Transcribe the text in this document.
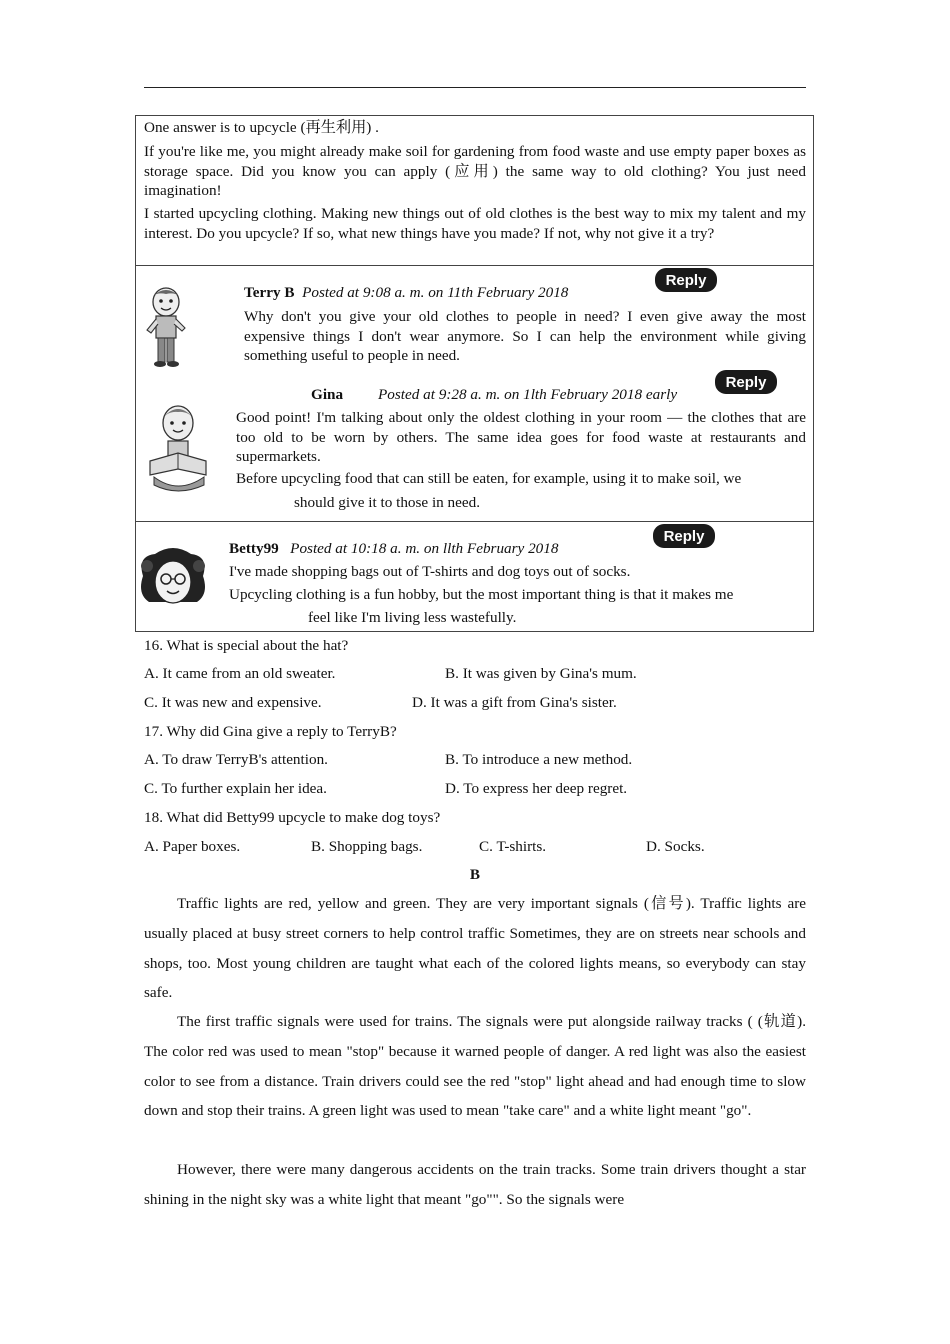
One answer is to upcycle (再生利用) .

If you're like me, you might already make soil for gardening from food waste and use empty paper boxes as storage space. Did you know you can apply (应用) the same way to old clothing? You just need imagination!

I started upcycling clothing. Making new things out of old clothes is the best way to mix my talent and my interest. Do you upcycle? If so, what new things have you made? If not, why not give it a try?

Terry B Posted at 9:08 a. m. on 11th February 2018
Reply

Why don't you give your old clothes to people in need? I even give away the most expensive things I don't wear anymore. So I can help the environment while giving something useful to people in need.

Gina Posted at 9:28 a. m. on 1lth February 2018 early
Reply

Good point! I'm talking about only the oldest clothing in your room — the clothes that are too old to be worn by others. The same idea goes for food waste at restaurants and supermarkets.

Before upcycling food that can still be eaten, for example, using it to make soil, we
should give it to those in need.
Betty99 Posted at 10:18 a. m. on llth February 2018
Reply
I've made shopping bags out of T-shirts and dog toys out of socks.
Upcycling clothing is a fun hobby, but the most important thing is that it makes me
feel like I'm living less wastefully.
16. What is special about the hat?
A. It came from an old sweater.	B. It was given by Gina's mum.
C. It was new and expensive.	D. It was a gift from Gina's sister.
17. Why did Gina give a reply to TerryB?
A. To draw TerryB's attention.	B. To introduce a new method.
C. To further explain her idea.	D. To express her deep regret.
18. What did Betty99 upcycle to make dog toys?
A. Paper boxes.	B. Shopping bags.	C. T-shirts.	D. Socks.
B

Traffic lights are red, yellow and green. They are very important signals (信号). Traffic lights are usually placed at busy street corners to help control traffic Sometimes, they are on streets near schools and shops, too. Most young children are taught what each of the colored lights means, so everybody can stay safe.

The first traffic signals were used for trains. The signals were put alongside railway tracks ( (轨道). The color red was used to mean "stop" because it warned people of danger. A red light was also the easiest color to see from a distance. Train drivers could see the red "stop" light ahead and had enough time to slow down and stop their trains. A green light was used to mean "take care" and a white light meant "go".

However, there were many dangerous accidents on the train tracks. Some train drivers thought a star shining in the night sky was a white light that meant "go"". So the signals were
